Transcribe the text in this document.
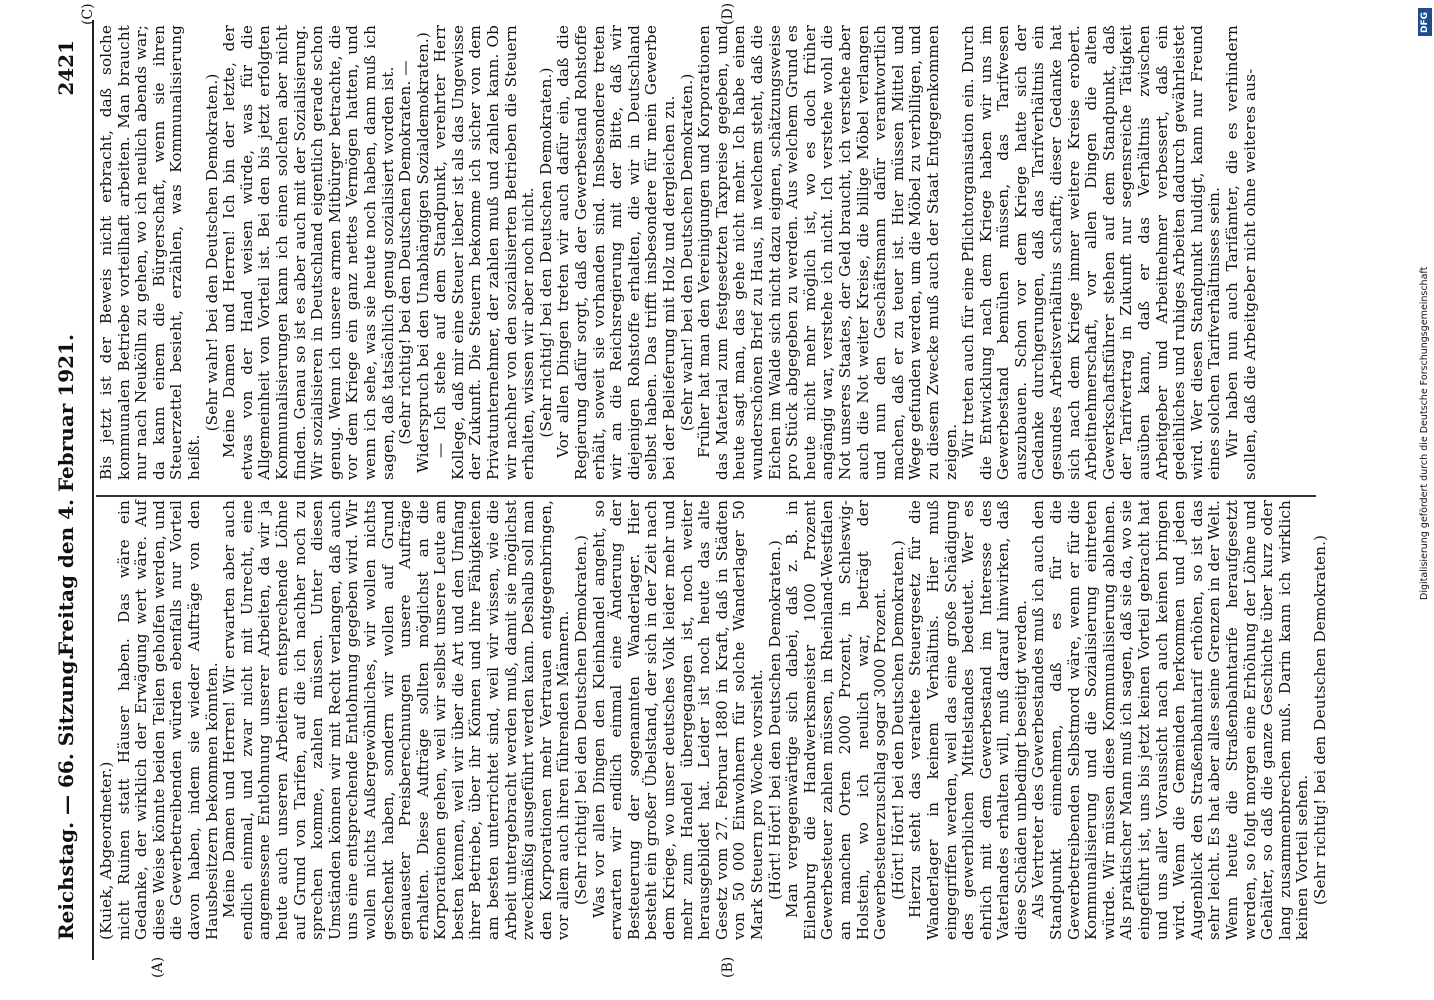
Reichstag. — 66. Sitzung.
Freitag den 4. Februar 1921.
2421
(A)	(B)
(C)	(D)

(Kuiek, Abgeordneter.) nicht Ruinen statt Häuser haben. Das wäre ein Gedanke, der wirklich der Erwägung wert wäre. Auf diese Weise könnte beiden Teilen geholfen werden, und die Gewerbetreibenden würden ebenfalls nur Vorteil davon haben, indem sie wieder Aufträge von den Hausbesitzern bekommen könnten. Meine Damen und Herren! Wir erwarten aber auch endlich einmal, und zwar nicht mit Unrecht, eine angemessene Entlohnung unserer Arbeiten, da wir ja heute auch unseren Arbeitern entsprechende Löhne auf Grund von Tarifen, auf die ich nachher noch zu sprechen komme, zahlen müssen. Unter diesen Umständen können wir mit Recht verlangen, daß auch uns eine entsprechende Entlohnung gegeben wird. Wir wollen nichts Außergewöhnliches, wir wollen nichts geschenkt haben, sondern wir wollen auf Grund genauester Preisberechnungen unsere Aufträge erhalten. Diese Aufträge sollten möglichst an die Korporationen gehen, weil wir selbst unsere Leute am besten kennen, weil wir über die Art und den Umfang ihrer Betriebe, über ihr Können und ihre Fähigkeiten am besten unterrichtet sind, weil wir wissen, wie die Arbeit untergebracht werden muß, damit sie möglichst zweckmäßig ausgeführt werden kann. Deshalb soll man den Korporationen mehr Vertrauen entgegenbringen, vor allem auch ihren führenden Männern. (Sehr richtig! bei den Deutschen Demokraten.) Was vor allen Dingen den Kleinhandel angeht, so erwarten wir endlich einmal eine Änderung der Besteuerung der sogenannten Wanderlager. Hier besteht ein großer Übelstand, der sich in der Zeit nach dem Kriege, wo unser deutsches Volk leider mehr und mehr zum Handel übergegangen ist, noch weiter herausgebildet hat. Leider ist noch heute das alte Gesetz vom 27. Februar 1880 in Kraft, daß in Städten von 50 000 Einwohnern für solche Wanderlager 50 Mark Steuern pro Woche vorsieht. (Hört! Hört! bei den Deutschen Demokraten.) Man vergegenwärtige sich dabei, daß z. B. in Eilenburg die Handwerksmeister 1000 Prozent Gewerbesteuer zahlen müssen, in Rheinland-Westfalen an manchen Orten 2000 Prozent, in Schleswig-Holstein, wo ich neulich war, beträgt der Gewerbesteuerzuschlag sogar 3000 Prozent. (Hört! Hört! bei den Deutschen Demokraten.) Hierzu steht das veraltete Steuergesetz für die Wanderlager in keinem Verhältnis. Hier muß eingegriffen werden, weil das eine große Schädigung des gewerblichen Mittelstandes bedeutet. Wer es ehrlich mit dem Gewerbestand im Interesse des Vaterlandes erhalten will, muß darauf hinwirken, daß diese Schäden unbedingt beseitigt werden. Als Vertreter des Gewerbestandes muß ich auch den Standpunkt einnehmen, daß es für die Gewerbetreibenden Selbstmord wäre, wenn er für die Kommunalisierung und die Sozialisierung eintreten würde. Wir müssen diese Kommunalisierung ablehnen. Als praktischer Mann muß ich sagen, daß sie da, wo sie eingeführt ist, uns bis jetzt keinen Vorteil gebracht hat und uns aller Voraussicht nach auch keinen bringen wird. Wenn die Gemeinden herkommen und jeden Augenblick den Straßenbahntarif erhöhen, so ist das sehr leicht. Es hat aber alles seine Grenzen in der Welt. Wenn heute die Straßenbahntarife heraufgesetzt werden, so folgt morgen eine Erhöhung der Löhne und Gehälter, so daß die ganze Geschichte über kurz oder lang zusammenbrechen muß. Darin kann ich wirklich keinen Vorteil sehen. (Sehr richtig! bei den Deutschen Demokraten.)

Bis jetzt ist der Beweis nicht erbracht, daß solche kommunalen Betriebe vorteilhaft arbeiten. Man braucht nur nach Neukölln zu gehen, wo ich neulich abends war; da kann einem die Bürgerschaft, wenn sie ihren Steuerzettel besieht, erzählen, was Kommunalisierung heißt.

(Sehr wahr! bei den Deutschen Demokraten.) Meine Damen und Herren! Ich bin der letzte, der etwas von der Hand weisen würde, was für die Allgemeinheit von Vorteil ist. Bei den bis jetzt erfolgten Kommunalisierungen kann ich einen solchen aber nicht finden. Genau so ist es aber auch mit der Sozialisierung. Wir sozialisieren in Deutschland eigentlich gerade schon genug. Wenn ich unsere armen Mitbürger betrachte, die vor dem Kriege ein ganz nettes Vermögen hatten, und wenn ich sehe, was sie heute noch haben, dann muß ich sagen, daß tatsächlich genug sozialisiert worden ist. (Sehr richtig! bei den Deutschen Demokraten. — Widerspruch bei den Unabhängigen Sozialdemokraten.) — Ich stehe auf dem Standpunkt, verehrter Herr Kollege, daß mir eine Steuer lieber ist als das Ungewisse der Zukunft. Die Steuern bekomme ich sicher von dem Privatunternehmer, der zahlen muß und zahlen kann. Ob wir nachher von den sozialisierten Betrieben die Steuern erhalten, wissen wir aber noch nicht. (Sehr richtig! bei den Deutschen Demokraten.) Vor allen Dingen treten wir auch dafür ein, daß die Regierung dafür sorgt, daß der Gewerbestand Rohstoffe erhält, soweit sie vorhanden sind. Insbesondere treten wir an die Reichsregierung mit der Bitte, daß wir diejenigen Rohstoffe erhalten, die wir in Deutschland selbst haben. Das trifft insbesondere für mein Gewerbe bei der Belieferung mit Holz und dergleichen zu. (Sehr wahr! bei den Deutschen Demokraten.) Früher hat man den Vereinigungen und Korporationen das Material zum festgesetzten Taxpreise gegeben, und heute sagt man, das gehe nicht mehr. Ich habe einen wunderschönen Brief zu Haus, in welchem steht, daß die Eichen im Walde sich nicht dazu eignen, schätzungsweise pro Stück abgegeben zu werden. Aus welchem Grund es heute nicht mehr möglich ist, wo es doch früher angängig war, verstehe ich nicht. Ich verstehe wohl die Not unseres Staates, der Geld braucht, ich verstehe aber auch die Not weiter Kreise, die billige Möbel verlangen und nun den Geschäftsmann dafür verantwortlich machen, daß er zu teuer ist. Hier müssen Mittel und Wege gefunden werden, um die Möbel zu verbilligen, und zu diesem Zwecke muß auch der Staat Entgegenkommen zeigen. Wir treten auch für eine Pflichtorganisation ein. Durch die Entwicklung nach dem Kriege haben wir uns im Gewerbestand bemühen müssen, das Tarifwesen auszubauen. Schon vor dem Kriege hatte sich der Gedanke durchgerungen, daß das Tarifverhältnis ein gesundes Arbeitsverhältnis schafft; dieser Gedanke hat sich nach dem Kriege immer weitere Kreise erobert. Arbeitnehmerschaft, vor allen Dingen die alten Gewerkschaftsführer stehen auf dem Standpunkt, daß der Tarifvertrag in Zukunft nur segensreiche Tätigkeit ausüben kann, daß er das Verhältnis zwischen Arbeitgeber und Arbeitnehmer verbessert, daß ein gedeihliches und ruhiges Arbeiten dadurch gewährleistet wird. Wer diesen Standpunkt huldigt, kann nur Freund eines solchen Tarifverhältnisses sein. Wir haben nun auch Tarifämter, die es verhindern sollen, daß die Arbeitgeber nicht ohne weiteres aus-

DFG
Digitalisierung gefördert durch die Deutsche Forschungsgemeinschaft
